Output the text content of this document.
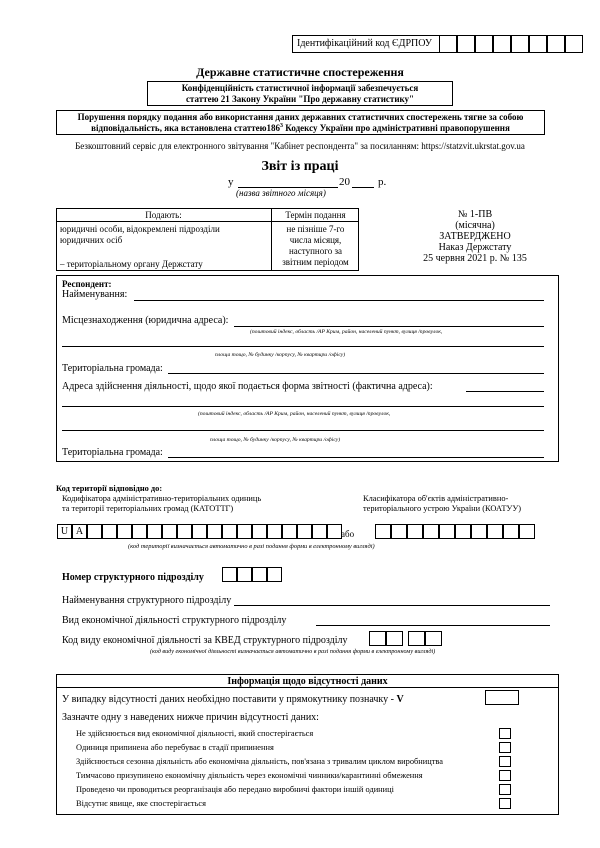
Ідентифікаційний код ЄДРПОУ
Державне статистичне спостереження
Конфіденційність статистичної інформації забезпечується
статтею 21 Закону України "Про державну статистику"
Порушення порядку подання або використання даних державних статистичних спостережень тягне за собою
відповідальність, яка встановлена $статтею186^3$ Кодексу України про адміністративні правопорушення
Безкоштовний сервіс для електронного звітування "Кабінет респондента" за посиланням: https://statzvit.ukrstat.gov.ua
Звіт із праці
у	20	р.
(назва звітного місяця)
Подають:	Термін подання
юридичні особи, відокремлені підрозділи
юридичних осіб
– територіальному органу Держстату
не пізніше 7-го
числа місяця,
наступного за
звітним періодом
№ 1-ПВ
(місячна)
ЗАТВЕРДЖЕНО
Наказ Держстату
25 червня 2021 р. № 135
Респондент:
Найменування:
Місцезнаходження (юридична адреса):
(поштовий індекс, область /АР Крим, район, населений пункт, вулиця /провулок,
площа тощо, № будинку /корпусу, № квартири /офісу)
Територіальна громада:
Адреса здійснення діяльності, щодо якої подається форма звітності (фактична адреса):
(поштовий індекс, область /АР Крим, район, населений пункт, вулиця /провулок,
площа тощо, № будинку /корпусу, № квартири /офісу)
Територіальна громада:
Код території відповідно до:
Кодифікатора адміністративно-територіальних одиниць
та території територіальних громад (КАТОТТГ)
Класифікатора об'єктів адміністративно-
територіального устрою України (КОАТУУ)
U A	або
(код території визначається автоматично в разі подання форми в електронному вигляді)
Номер структурного підрозділу
Найменування структурного підрозділу
Вид економічної діяльності структурного підрозділу
Код виду економічної діяльності за КВЕД структурного підрозділу
(код виду економічної діяльності визначається автоматично в разі подання форми в електронному вигляді)
Інформація щодо відсутності даних
У випадку відсутності даних необхідно поставити у прямокутнику позначку - V
Зазначте одну з наведених нижче причин відсутності даних:
Не здійснюється вид економічної діяльності, який спостерігається
Одиниця припинена або перебуває в стадії припинення
Здійснюється сезонна діяльність або економічна діяльність, пов'язана з тривалим циклом виробництва
Тимчасово призупинено економічну діяльність через економічні чинники/карантинні обмеження
Проведено чи проводиться реорганізація або передано виробничі фактори іншій одиниці
Відсутнє явище, яке спостерігається
